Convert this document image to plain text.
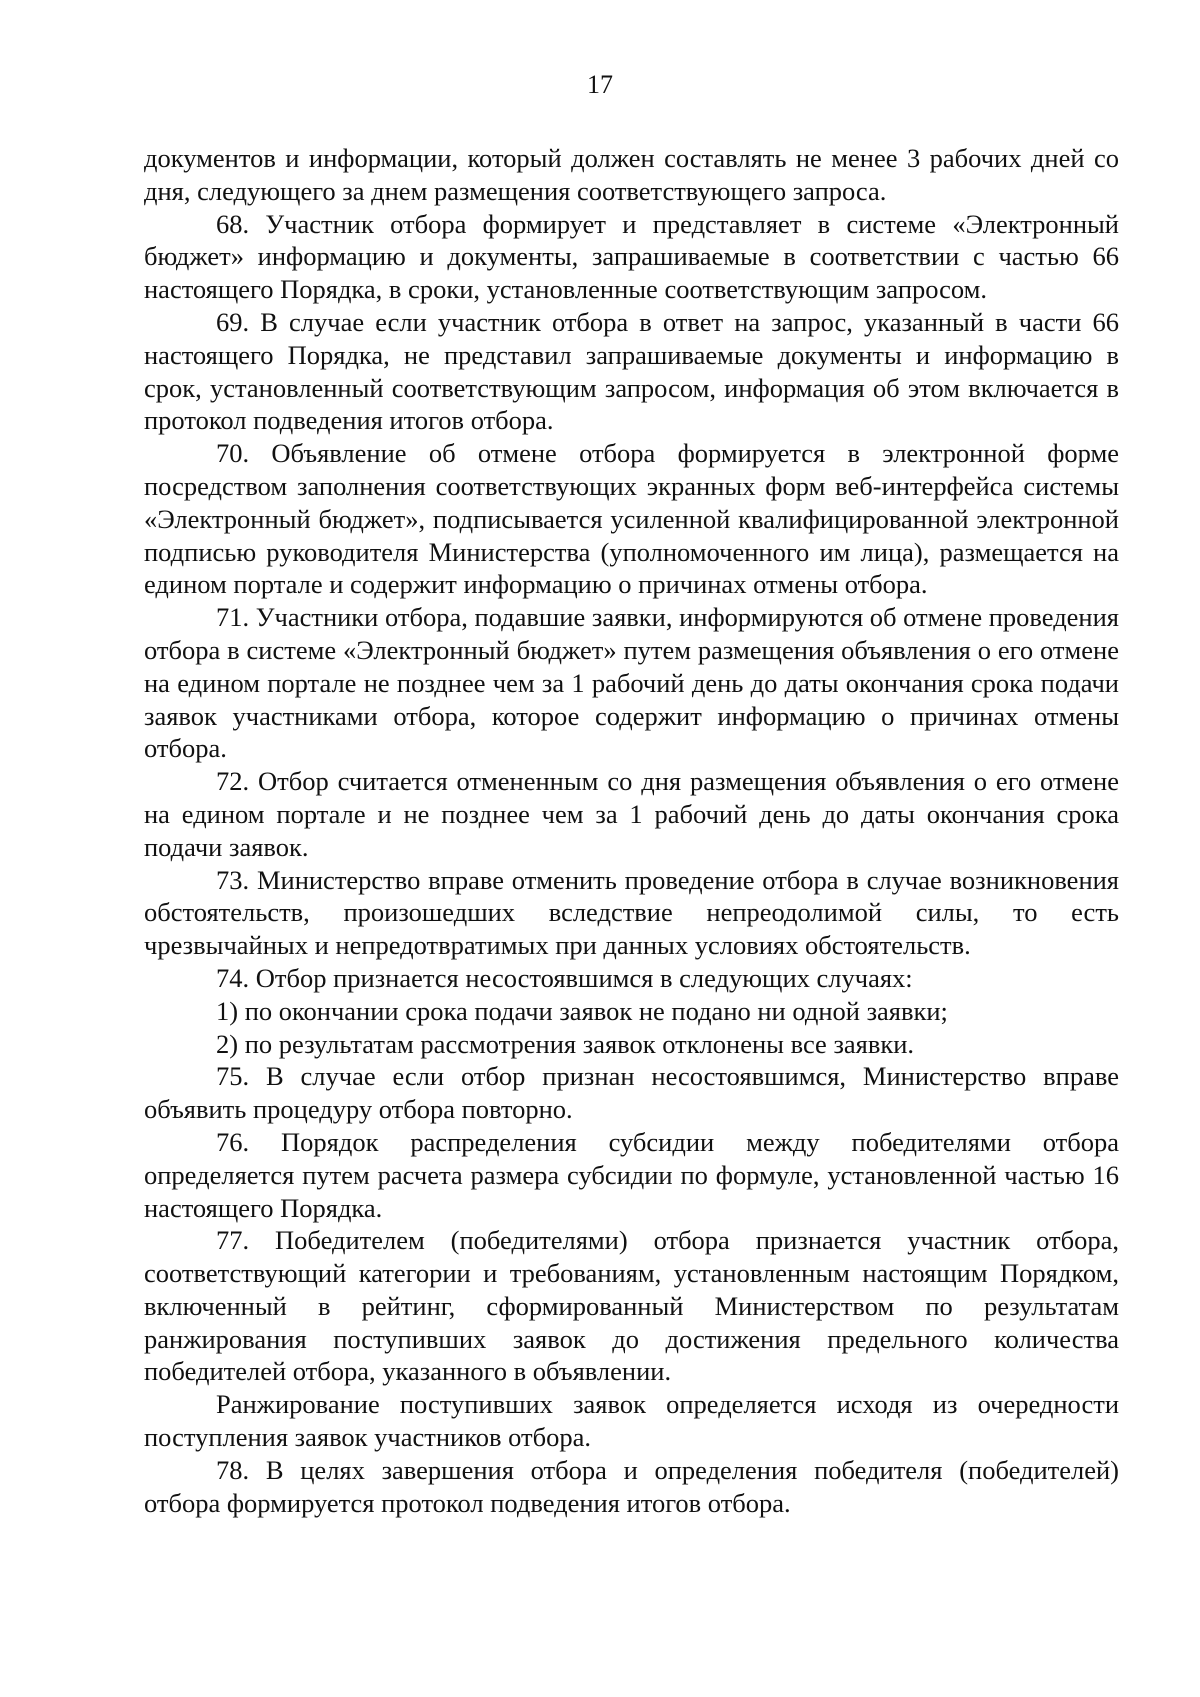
17

документов и информации, который должен составлять не менее 3 рабочих дней со дня, следующего за днем размещения соответствующего запроса.

68. Участник отбора формирует и представляет в системе «Электронный бюджет» информацию и документы, запрашиваемые в соответствии с частью 66 настоящего Порядка, в сроки, установленные соответствующим запросом.

69. В случае если участник отбора в ответ на запрос, указанный в части 66 настоящего Порядка, не представил запрашиваемые документы и информацию в срок, установленный соответствующим запросом, информация об этом включается в протокол подведения итогов отбора.

70. Объявление об отмене отбора формируется в электронной форме посредством заполнения соответствующих экранных форм веб-интерфейса системы «Электронный бюджет», подписывается усиленной квалифицированной электронной подписью руководителя Министерства (уполномоченного им лица), размещается на едином портале и содержит информацию о причинах отмены отбора.

71. Участники отбора, подавшие заявки, информируются об отмене проведения отбора в системе «Электронный бюджет» путем размещения объявления о его отмене на едином портале не позднее чем за 1 рабочий день до даты окончания срока подачи заявок участниками отбора, которое содержит информацию о причинах отмены отбора.

72. Отбор считается отмененным со дня размещения объявления о его отмене на едином портале и не позднее чем за 1 рабочий день до даты окончания срока подачи заявок.

73. Министерство вправе отменить проведение отбора в случае возникновения обстоятельств, произошедших вследствие непреодолимой силы, то есть чрезвычайных и непредотвратимых при данных условиях обстоятельств.

74. Отбор признается несостоявшимся в следующих случаях:

1) по окончании срока подачи заявок не подано ни одной заявки;

2) по результатам рассмотрения заявок отклонены все заявки.

75. В случае если отбор признан несостоявшимся, Министерство вправе объявить процедуру отбора повторно.

76. Порядок распределения субсидии между победителями отбора определяется путем расчета размера субсидии по формуле, установленной частью 16 настоящего Порядка.

77. Победителем (победителями) отбора признается участник отбора, соответствующий категории и требованиям, установленным настоящим Порядком, включенный в рейтинг, сформированный Министерством по результатам ранжирования поступивших заявок до достижения предельного количества победителей отбора, указанного в объявлении.

Ранжирование поступивших заявок определяется исходя из очередности поступления заявок участников отбора.

78. В целях завершения отбора и определения победителя (победителей) отбора формируется протокол подведения итогов отбора.
